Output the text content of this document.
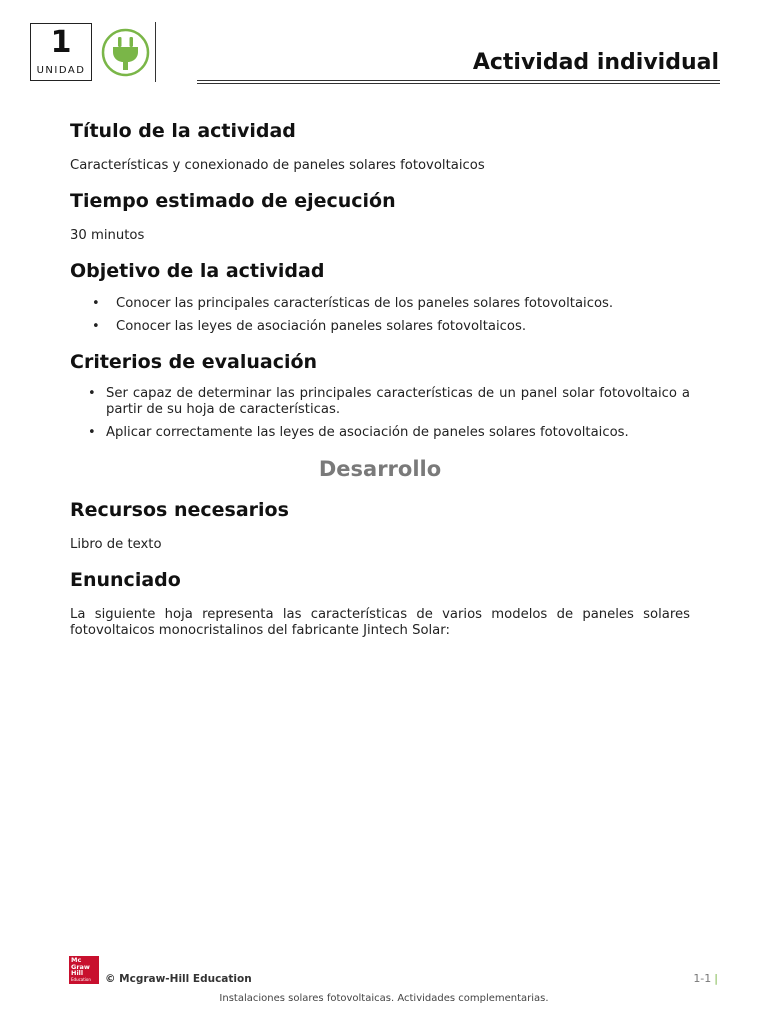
1
UNIDAD	Actividad individual
Título de la actividad

Características y conexionado de paneles solares fotovoltaicos

Tiempo estimado de ejecución

30 minutos

Objetivo de la actividad
• Conocer las principales características de los paneles solares fotovoltaicos.
• Conocer las leyes de asociación paneles solares fotovoltaicos.
Criterios de evaluación
• Ser capaz de determinar las principales características de un panel solar fotovoltaico a partir de su hoja de características.
• Aplicar correctamente las leyes de asociación de paneles solares fotovoltaicos.
Desarrollo
Recursos necesarios

Libro de texto

Enunciado

La siguiente hoja representa las características de varios modelos de paneles solares fotovoltaicos monocristalinos del fabricante Jintech Solar:

Mc
Graw
Hill
Education	© Mcgraw-Hill Education	1-1 |
Instalaciones solares fotovoltaicas. Actividades complementarias.
